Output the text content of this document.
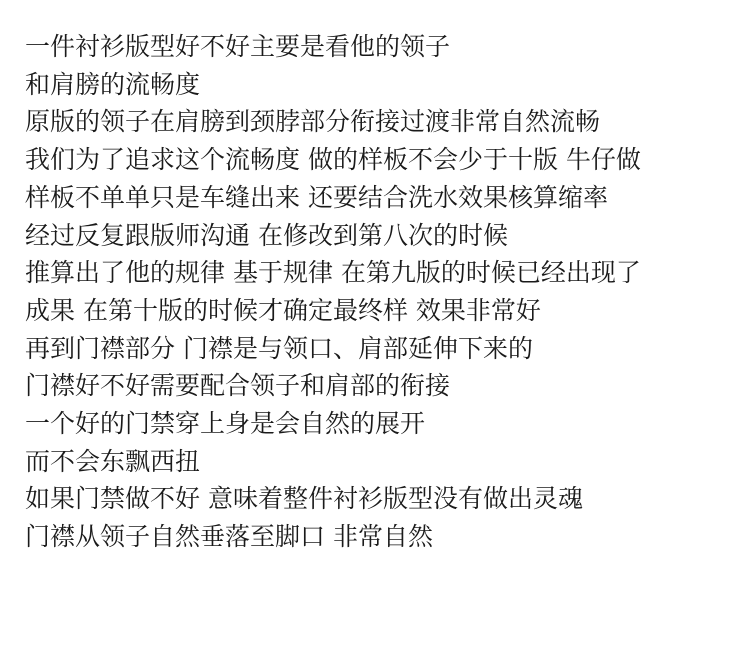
一件衬衫版型好不好主要是看他的领子
和肩膀的流畅度
原版的领子在肩膀到颈脖部分衔接过渡非常自然流畅
我们为了追求这个流畅度 做的样板不会少于十版 牛仔做
样板不单单只是车缝出来 还要结合洗水效果核算缩率
经过反复跟版师沟通 在修改到第八次的时候
推算出了他的规律 基于规律 在第九版的时候已经出现了
成果 在第十版的时候才确定最终样 效果非常好
再到门襟部分 门襟是与领口、肩部延伸下来的
门襟好不好需要配合领子和肩部的衔接
一个好的门禁穿上身是会自然的展开
而不会东飘西扭
如果门禁做不好 意味着整件衬衫版型没有做出灵魂
门襟从领子自然垂落至脚口 非常自然
